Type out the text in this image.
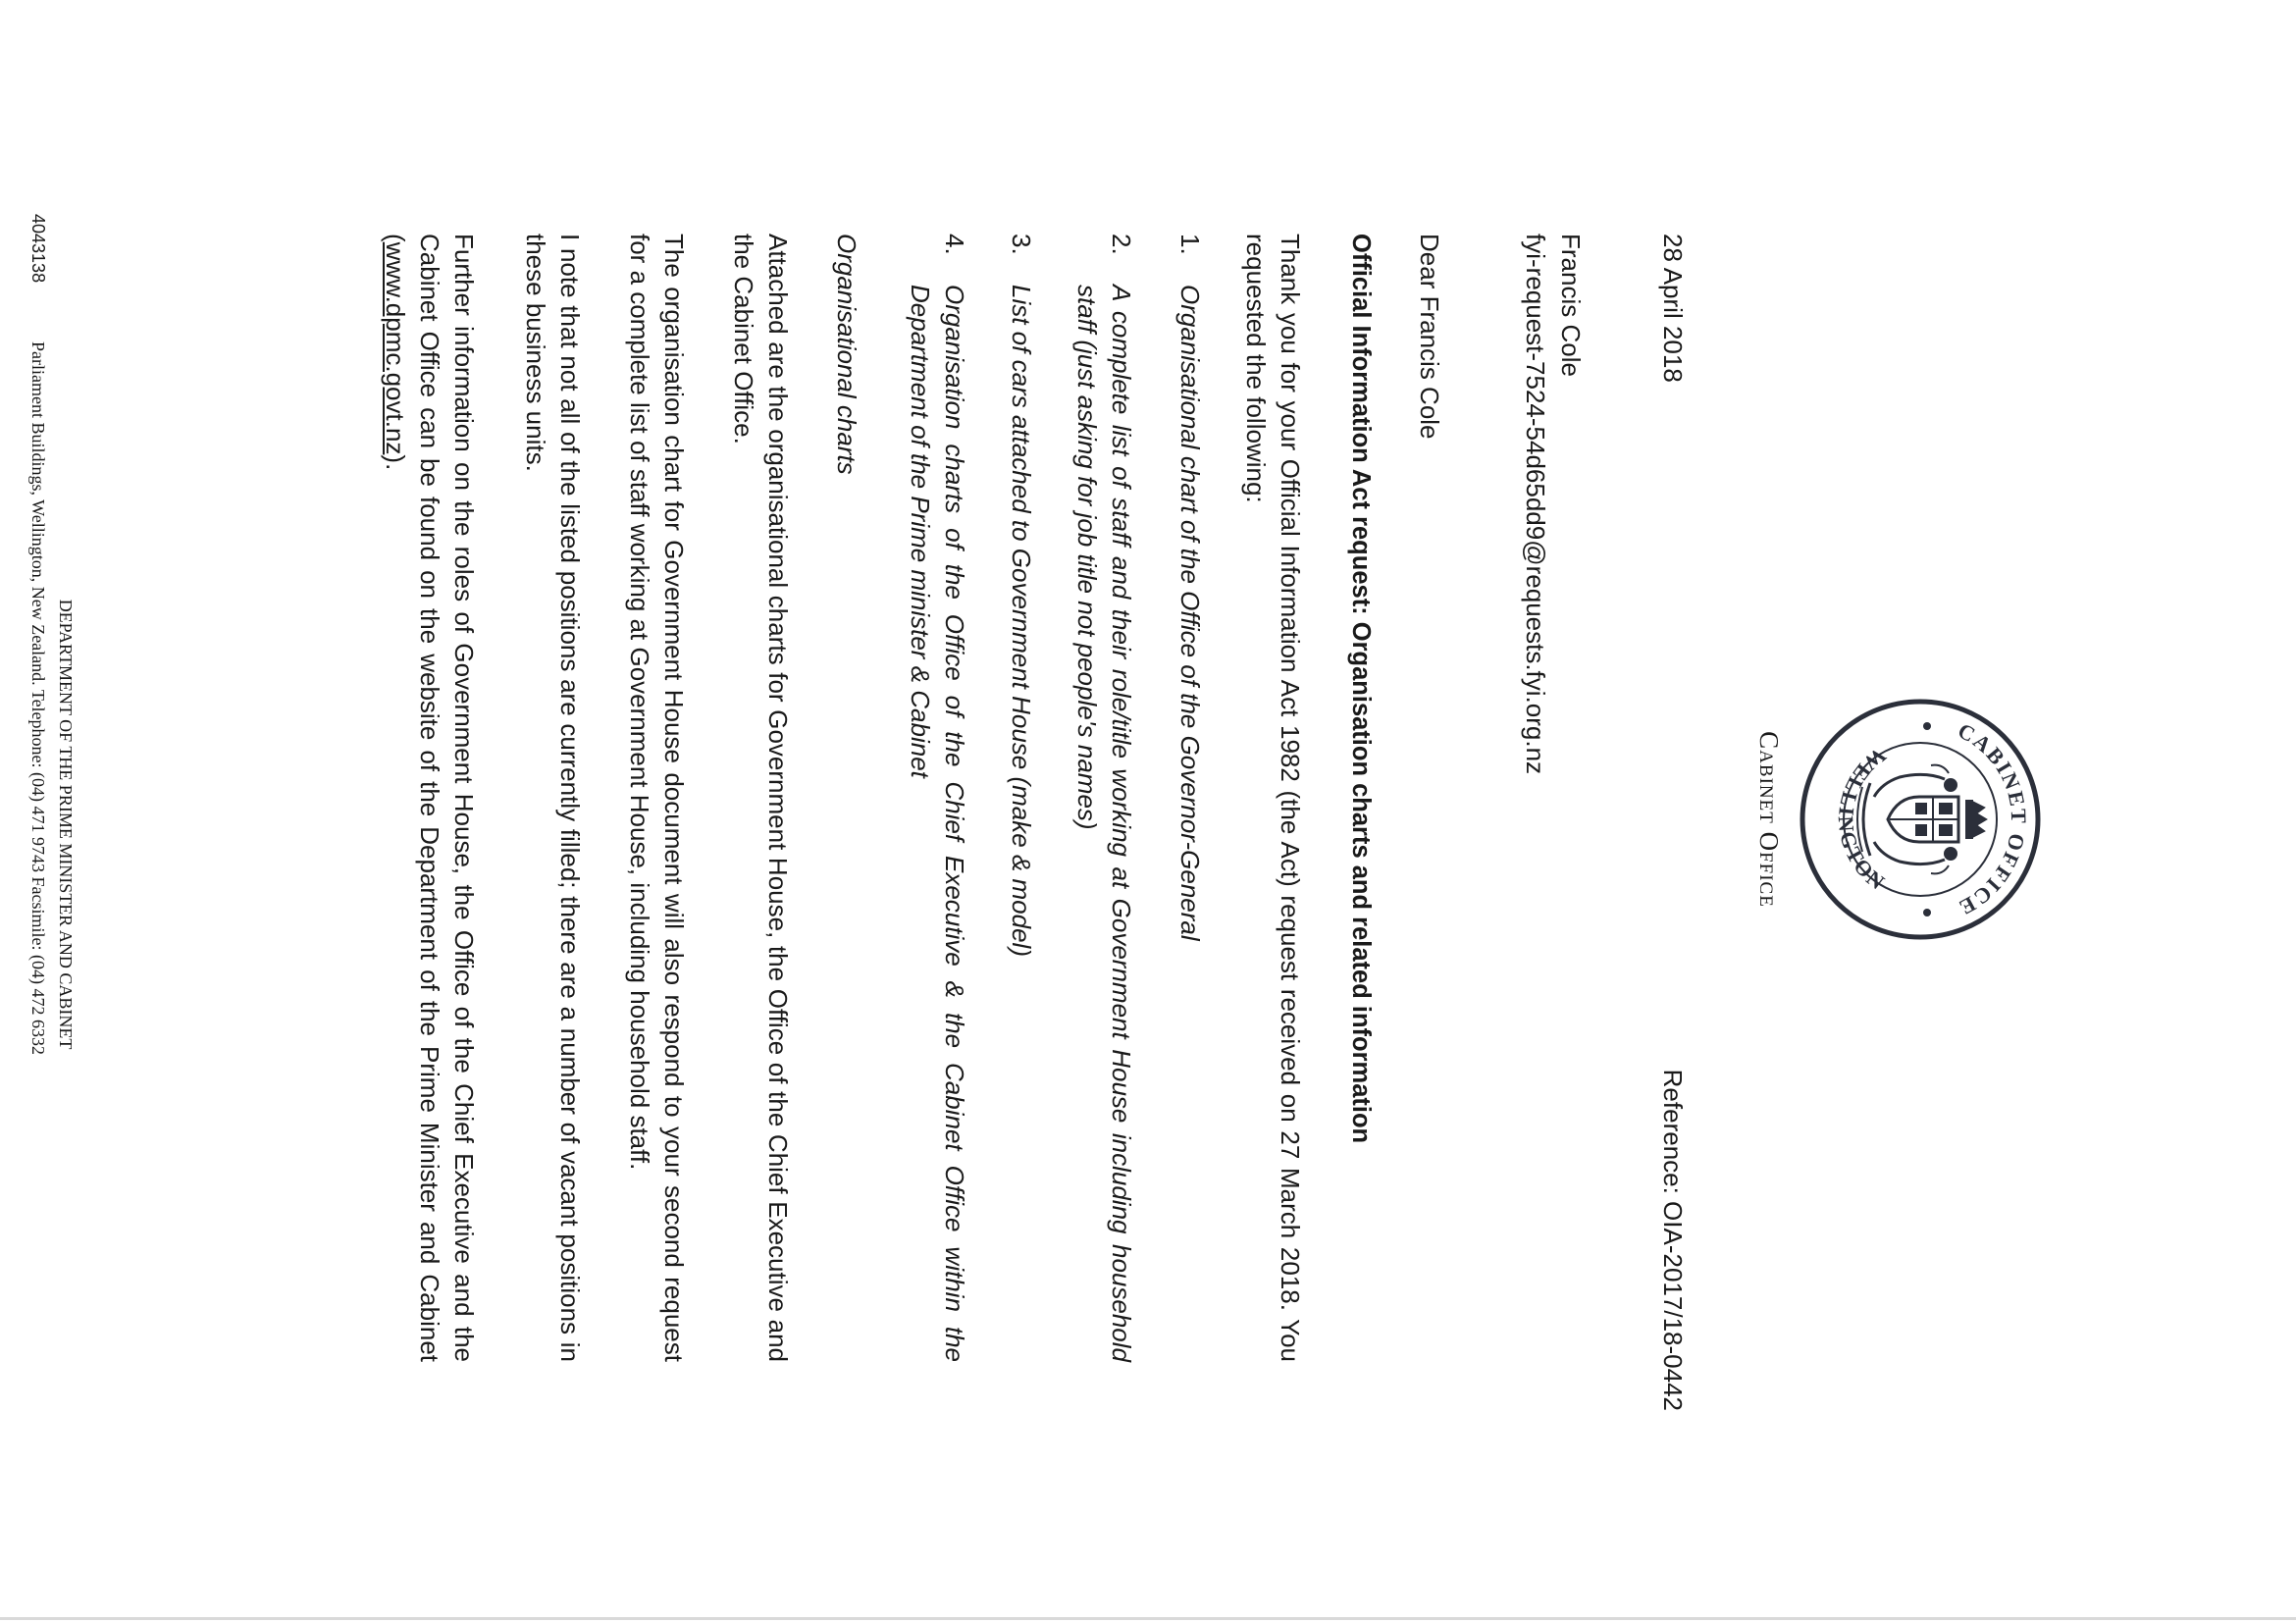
CABINET OFFICE
WELLINGTON
Cabinet Office
28 April 2018
Reference: OIA-2017/18-0442
Francis Cole
fyi-request-7524-54d65dd9@requests.fyi.org.nz
Dear Francis Cole
Official Information Act request: Organisation charts and related information
Thank you for your Official Information Act 1982 (the Act) request received on 27 March 2018. You requested the following:
1.
Organisational chart of the Office of the Governor-General
2.
A complete list of staff and their role/title working at Government House including household staff (just asking for job title not people's names)
3.
List of cars attached to Government House (make & model)
4.
Organisation charts of the Office of the Chief Executive & the Cabinet Office within the Department of the Prime minister & Cabinet
Organisational charts
Attached are the organisational charts for Government House, the Office of the Chief Executive and the Cabinet Office.
The organisation chart for Government House document will also respond to your second request for a complete list of staff working at Government House, including household staff.
I note that not all of the listed positions are currently filled; there are a number of vacant positions in these business units.
Further information on the roles of Government House, the Office of the Chief Executive and the Cabinet Office can be found on the website of the Department of the Prime Minister and Cabinet (www.dpmc.govt.nz).
DEPARTMENT OF THE PRIME MINISTER AND CABINET
4043138
Parliament Buildings, Wellington, New Zealand. Telephone: (04) 471 9743 Facsimile: (04) 472 6332
